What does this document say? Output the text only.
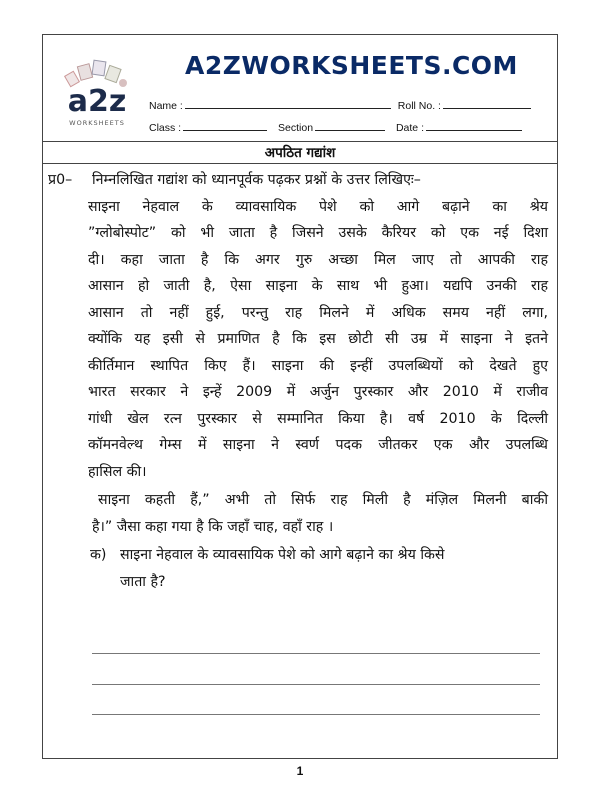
a2z
WORKSHEETS
A2ZWORKSHEETS.COM
Name :	Roll No. :
Class :	Section	Date :
अपठित गद्यांश
प्र0– निम्नलिखित गद्यांश को ध्यानपूर्वक पढ़कर प्रश्नों के उत्तर लिखिएः–
साइना नेहवाल के व्यावसायिक पेशे को आगे बढ़ाने का श्रेय
”ग्लोबोस्पोट” को भी जाता है जिसने उसके कैरियर को एक नई दिशा
दी। कहा जाता है कि अगर गुरु अच्छा मिल जाए तो आपकी राह
आसान हो जाती है, ऐसा साइना के साथ भी हुआ। यद्यपि उनकी राह
आसान तो नहीं हुई, परन्तु राह मिलने में अधिक समय नहीं लगा,
क्योंकि यह इसी से प्रमाणित है कि इस छोटी सी उम्र में साइना ने इतने
कीर्तिमान स्थापित किए हैं। साइना की इन्हीं उपलब्धियों को देखते हुए
भारत सरकार ने इन्हें 2009 में अर्जुन पुरस्कार और 2010 में राजीव
गांधी खेल रत्न पुरस्कार से सम्मानित किया है। वर्ष 2010 के दिल्ली
कॉमनवेल्थ गेम्स में साइना ने स्वर्ण पदक जीतकर एक और उपलब्धि
हासिल की।
साइना कहती हैं,” अभी तो सिर्फ राह मिली है मंज़िल मिलनी बाकी
है।” जैसा कहा गया है कि जहाँ चाह, वहाँ राह ।
क) साइना नेहवाल के व्यावसायिक पेशे को आगे बढ़ाने का श्रेय किसे
जाता है?
1
